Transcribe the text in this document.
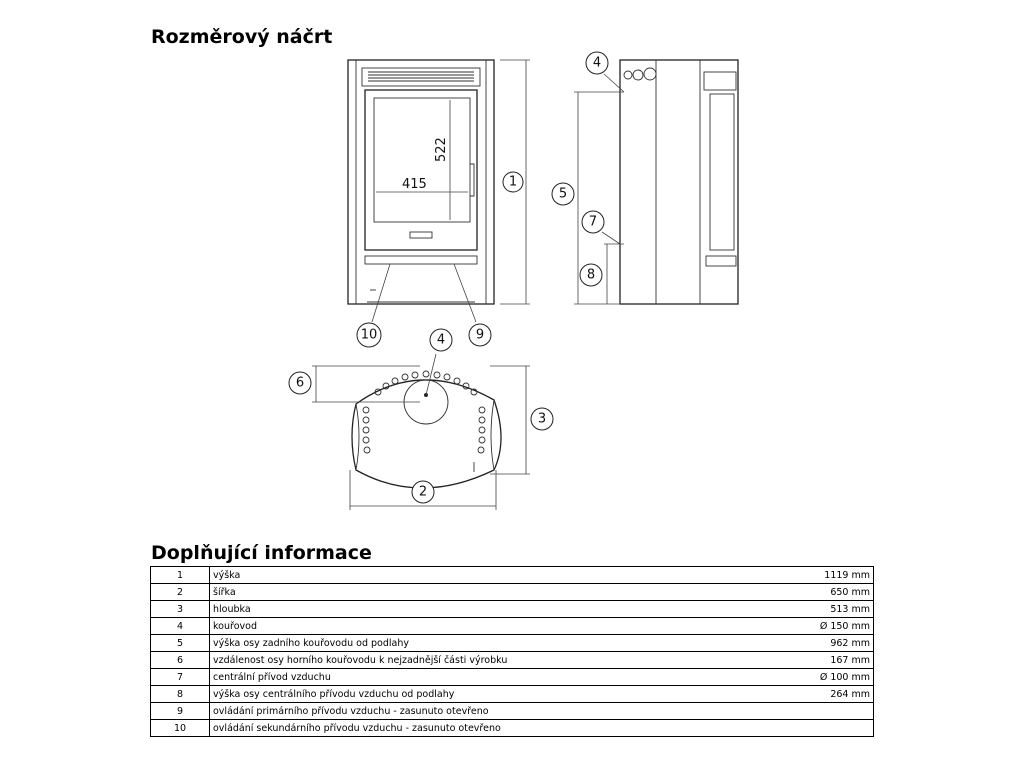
Rozměrový náčrt
415
522
1
2
3
4
4
5
6
7
8
9
10
Doplňující informace
1	výška	1119 mm
2	šířka	650 mm
3	hloubka	513 mm
4	kouřovod	Ø 150 mm
5	výška osy zadního kouřovodu od podlahy	962 mm
6	vzdálenost osy horního kouřovodu k nejzadnější části výrobku	167 mm
7	centrální přívod vzduchu	Ø 100 mm
8	výška osy centrálního přívodu vzduchu od podlahy	264 mm
9	ovládání primárního přívodu vzduchu - zasunuto otevřeno	
10	ovládání sekundárního přívodu vzduchu - zasunuto otevřeno	
